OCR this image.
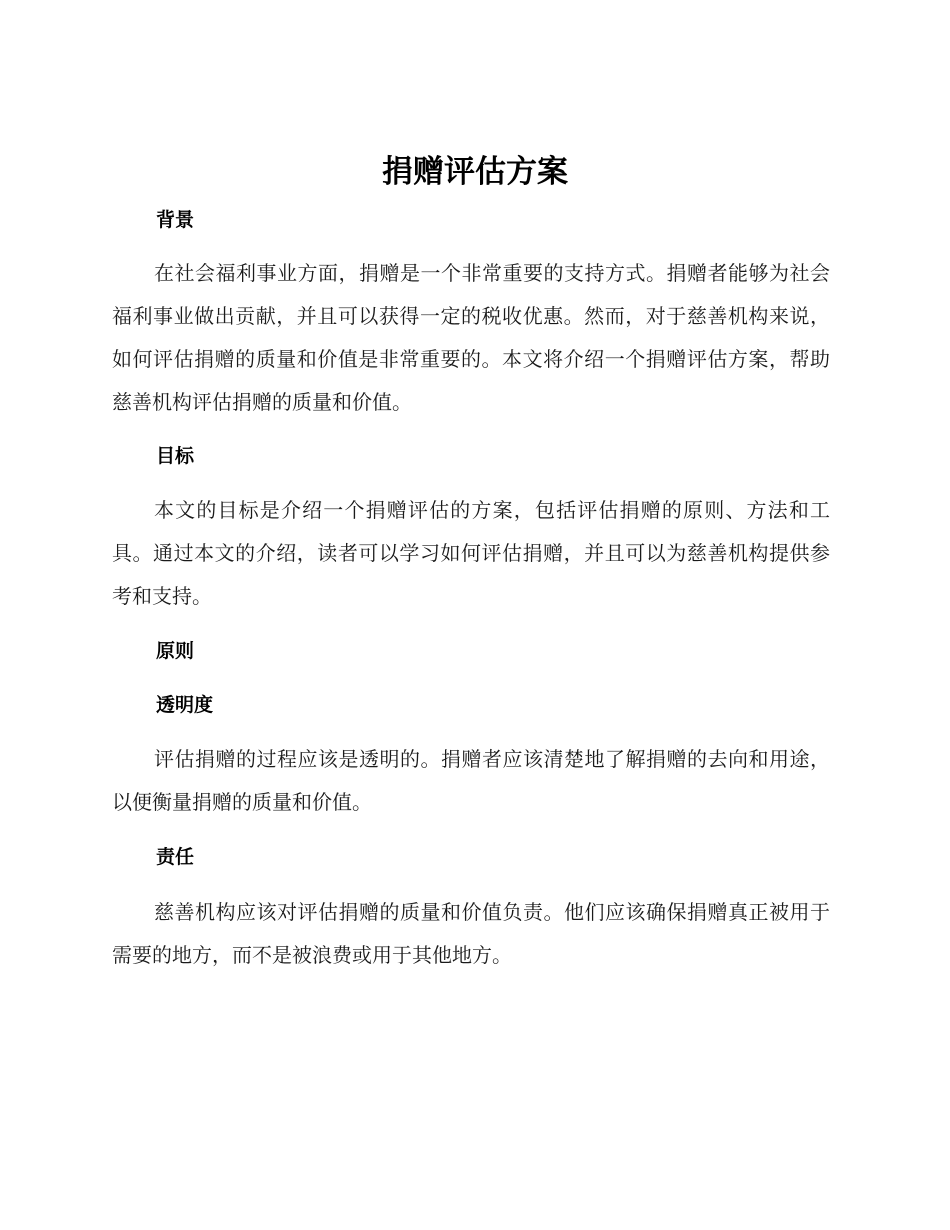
捐赠评估方案
背景

在社会福利事业方面，捐赠是一个非常重要的支持方式。捐赠者能够为社会福利事业做出贡献，并且可以获得一定的税收优惠。然而，对于慈善机构来说，如何评估捐赠的质量和价值是非常重要的。本文将介绍一个捐赠评估方案，帮助慈善机构评估捐赠的质量和价值。

目标

本文的目标是介绍一个捐赠评估的方案，包括评估捐赠的原则、方法和工具。通过本文的介绍，读者可以学习如何评估捐赠，并且可以为慈善机构提供参考和支持。

原则
透明度

评估捐赠的过程应该是透明的。捐赠者应该清楚地了解捐赠的去向和用途，以便衡量捐赠的质量和价值。

责任

慈善机构应该对评估捐赠的质量和价值负责。他们应该确保捐赠真正被用于需要的地方，而不是被浪费或用于其他地方。
